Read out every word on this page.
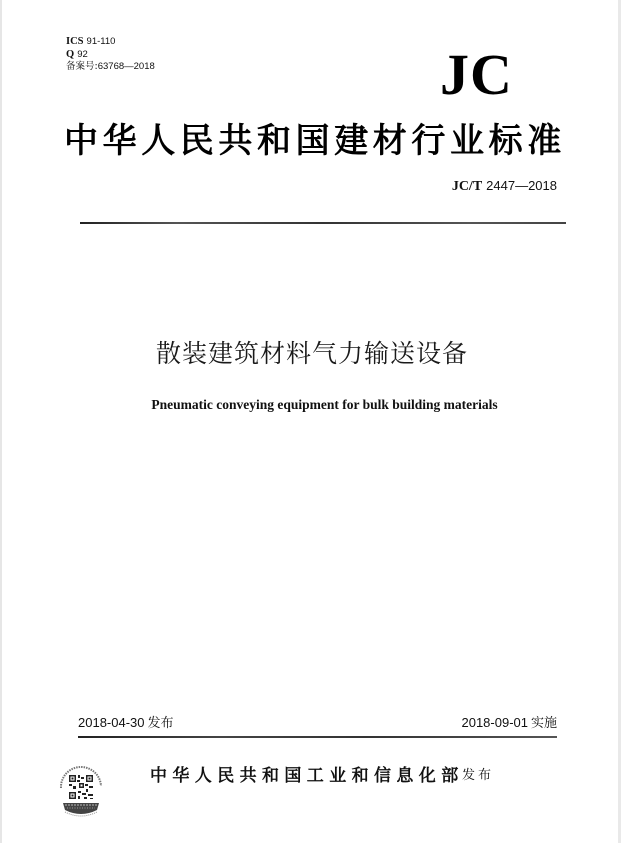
ICS 91-110
Q 92
备案号:63768—2018	JC
中华人民共和国建材行业标准
JC/T 2447—2018
散装建筑材料气力输送设备
Pneumatic conveying equipment for bulk building materials
2018-04-30 发布	2018-09-01 实施
中华人民共和国工业和信息化部
发布
